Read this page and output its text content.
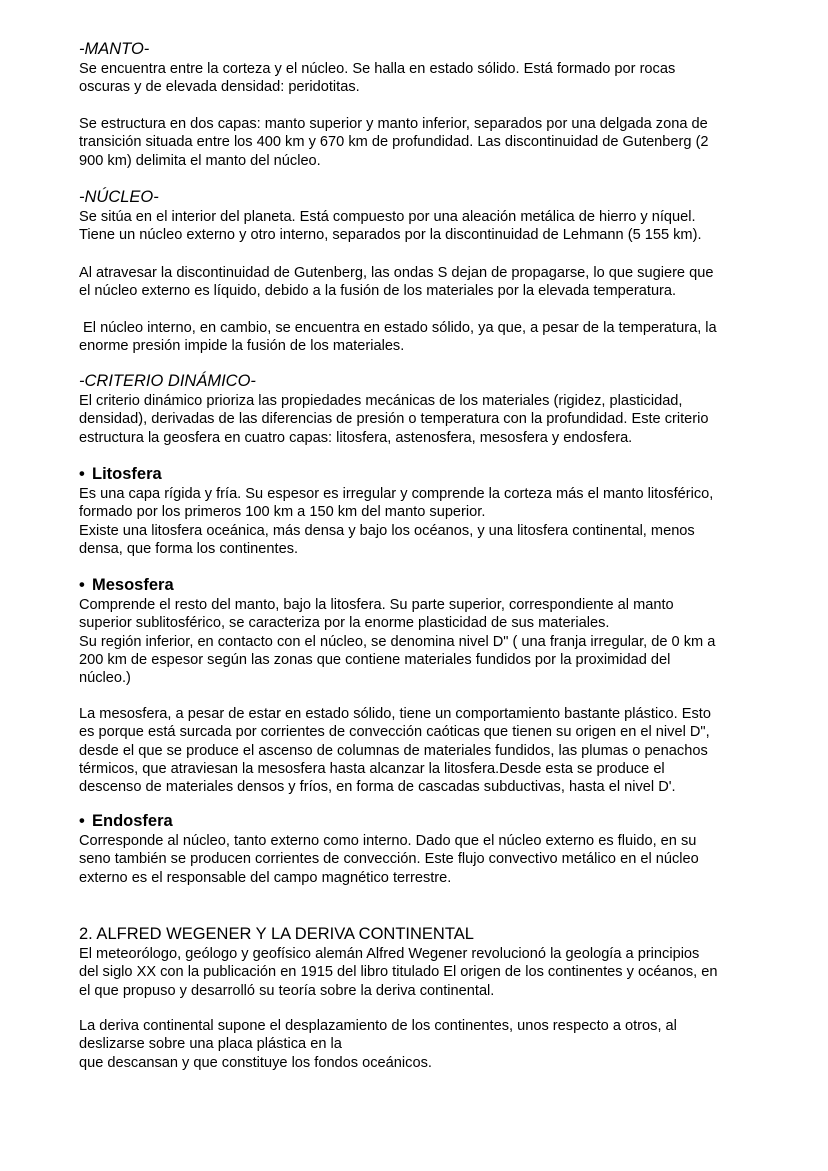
-MANTO-

Se encuentra entre la corteza y el núcleo. Se halla en estado sólido. Está formado por rocas
oscuras y de elevada densidad: peridotitas.

Se estructura en dos capas: manto superior y manto inferior, separados por una delgada zona de
transición situada entre los 400 km y 670 km de profundidad. Las discontinuidad de Gutenberg (2
900 km) delimita el manto del núcleo.

-NÚCLEO-

Se sitúa en el interior del planeta. Está compuesto por una aleación metálica de hierro y níquel.
Tiene un núcleo externo y otro interno, separados por la discontinuidad de Lehmann (5 155 km).

Al atravesar la discontinuidad de Gutenberg, las ondas S dejan de propagarse, lo que sugiere que
el núcleo externo es líquido, debido a la fusión de los materiales por la elevada temperatura.

El núcleo interno, en cambio, se encuentra en estado sólido, ya que, a pesar de la temperatura, la
enorme presión impide la fusión de los materiales.

-CRITERIO DINÁMICO-

El criterio dinámico prioriza las propiedades mecánicas de los materiales (rigidez, plasticidad,
densidad), derivadas de las diferencias de presión o temperatura con la profundidad. Este criterio
estructura la geosfera en cuatro capas: litosfera, astenosfera, mesosfera y endosfera.

• Litosfera

Es una capa rígida y fría. Su espesor es irregular y comprende la corteza más el manto litosférico,
formado por los primeros 100 km a 150 km del manto superior.
Existe una litosfera oceánica, más densa y bajo los océanos, y una litosfera continental, menos
densa, que forma los continentes.

• Mesosfera

Comprende el resto del manto, bajo la litosfera. Su parte superior, correspondiente al manto
superior sublitosférico, se caracteriza por la enorme plasticidad de sus materiales.
Su región inferior, en contacto con el núcleo, se denomina nivel D" ( una franja irregular, de 0 km a
200 km de espesor según las zonas que contiene materiales fundidos por la proximidad del
núcleo.)

La mesosfera, a pesar de estar en estado sólido, tiene un comportamiento bastante plástico. Esto
es porque está surcada por corrientes de convección caóticas que tienen su origen en el nivel D",
desde el que se produce el ascenso de columnas de materiales fundidos, las plumas o penachos
térmicos, que atraviesan la mesosfera hasta alcanzar la litosfera.Desde esta se produce el
descenso de materiales densos y fríos, en forma de cascadas subductivas, hasta el nivel D'.

• Endosfera

Corresponde al núcleo, tanto externo como interno. Dado que el núcleo externo es fluido, en su
seno también se producen corrientes de convección. Este flujo convectivo metálico en el núcleo
externo es el responsable del campo magnético terrestre.

2. ALFRED WEGENER Y LA DERIVA CONTINENTAL

El meteorólogo, geólogo y geofísico alemán Alfred Wegener revolucionó la geología a principios
del siglo XX con la publicación en 1915 del libro titulado El origen de los continentes y océanos, en
el que propuso y desarrolló su teoría sobre la deriva continental.

La deriva continental supone el desplazamiento de los continentes, unos respecto a otros, al
deslizarse sobre una placa plástica en la
que descansan y que constituye los fondos oceánicos.
